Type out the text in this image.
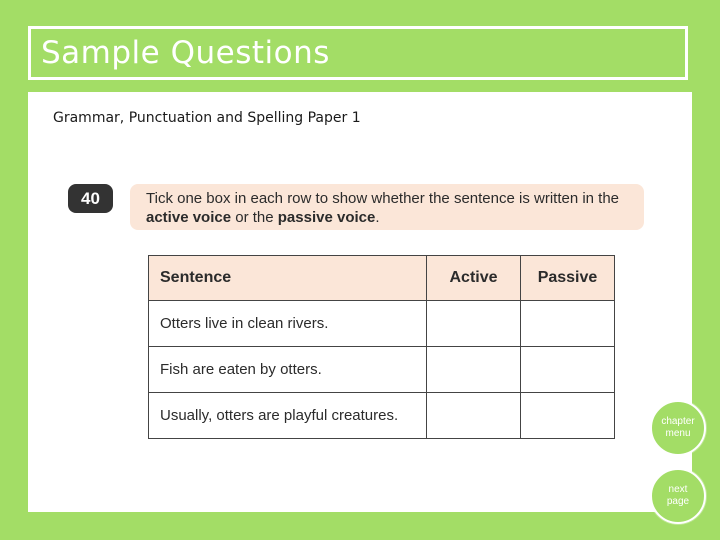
Sample Questions
Grammar, Punctuation and Spelling Paper 1
40	Tick one box in each row to show whether the sentence is written in the active voice or the passive voice.
Sentence	Active	Passive
Otters live in clean rivers.		
Fish are eaten by otters.		
Usually, otters are playful creatures.			chapter menu
next page
